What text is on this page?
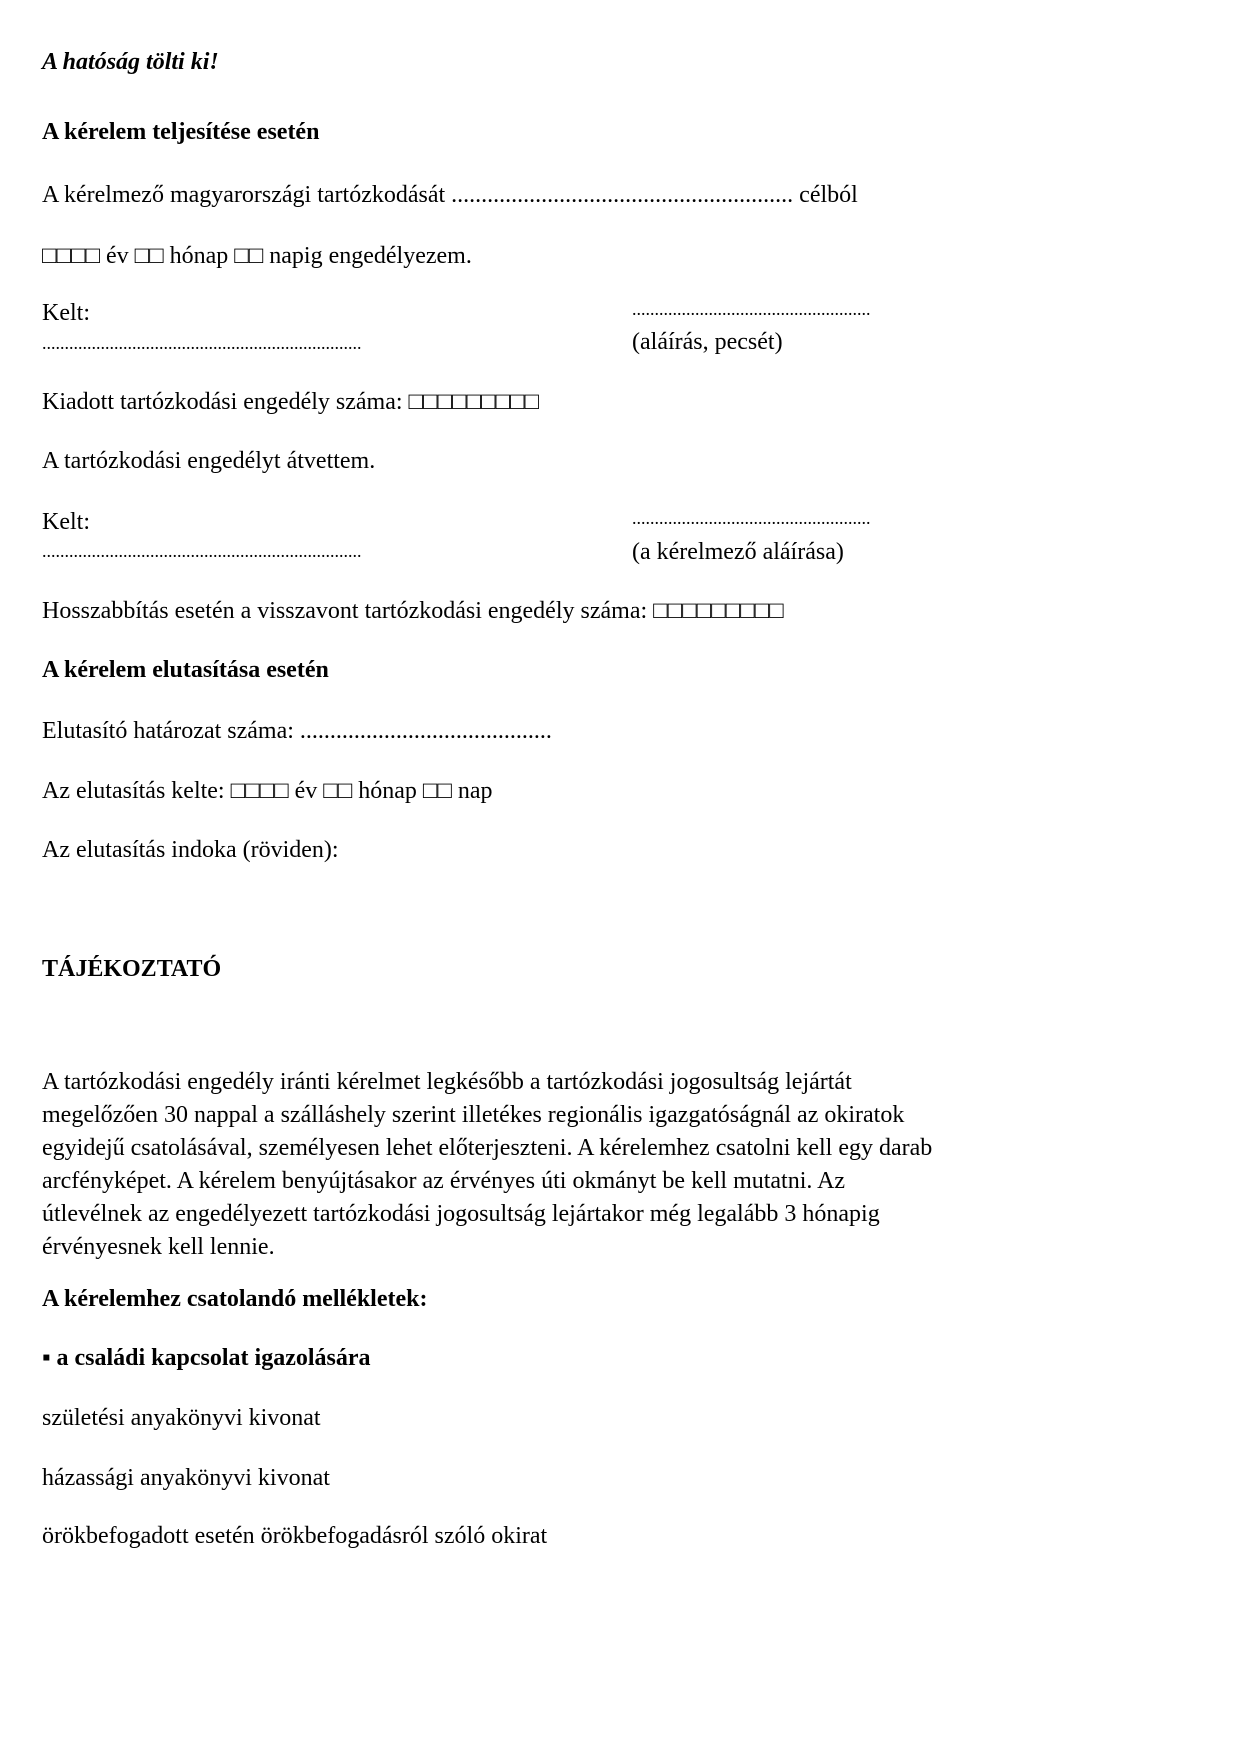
A hatóság tölti ki!
A kérelem teljesítése esetén
A kérelmező magyarországi tartózkodását ......................................................... célból
□□□□ év □□ hónap □□ napig engedélyezem.
Kelt:
.......................................................................
.....................................................
(aláírás, pecsét)
Kiadott tartózkodási engedély száma: □□□□□□□□□
A tartózkodási engedélyt átvettem.
Kelt:
.......................................................................
.....................................................
(a kérelmező aláírása)
Hosszabbítás esetén a visszavont tartózkodási engedély száma: □□□□□□□□□
A kérelem elutasítása esetén
Elutasító határozat száma: ..........................................
Az elutasítás kelte: □□□□ év □□ hónap □□ nap
Az elutasítás indoka (röviden):
TÁJÉKOZTATÓ
A tartózkodási engedély iránti kérelmet legkésőbb a tartózkodási jogosultság lejártát
megelőzően 30 nappal a szálláshely szerint illetékes regionális igazgatóságnál az okiratok
egyidejű csatolásával, személyesen lehet előterjeszteni. A kérelemhez csatolni kell egy darab
arcfényképet. A kérelem benyújtásakor az érvényes úti okmányt be kell mutatni. Az
útlevélnek az engedélyezett tartózkodási jogosultság lejártakor még legalább 3 hónapig
érvényesnek kell lennie.
A kérelemhez csatolandó mellékletek:
▪ a családi kapcsolat igazolására
születési anyakönyvi kivonat
házassági anyakönyvi kivonat
örökbefogadott esetén örökbefogadásról szóló okirat
